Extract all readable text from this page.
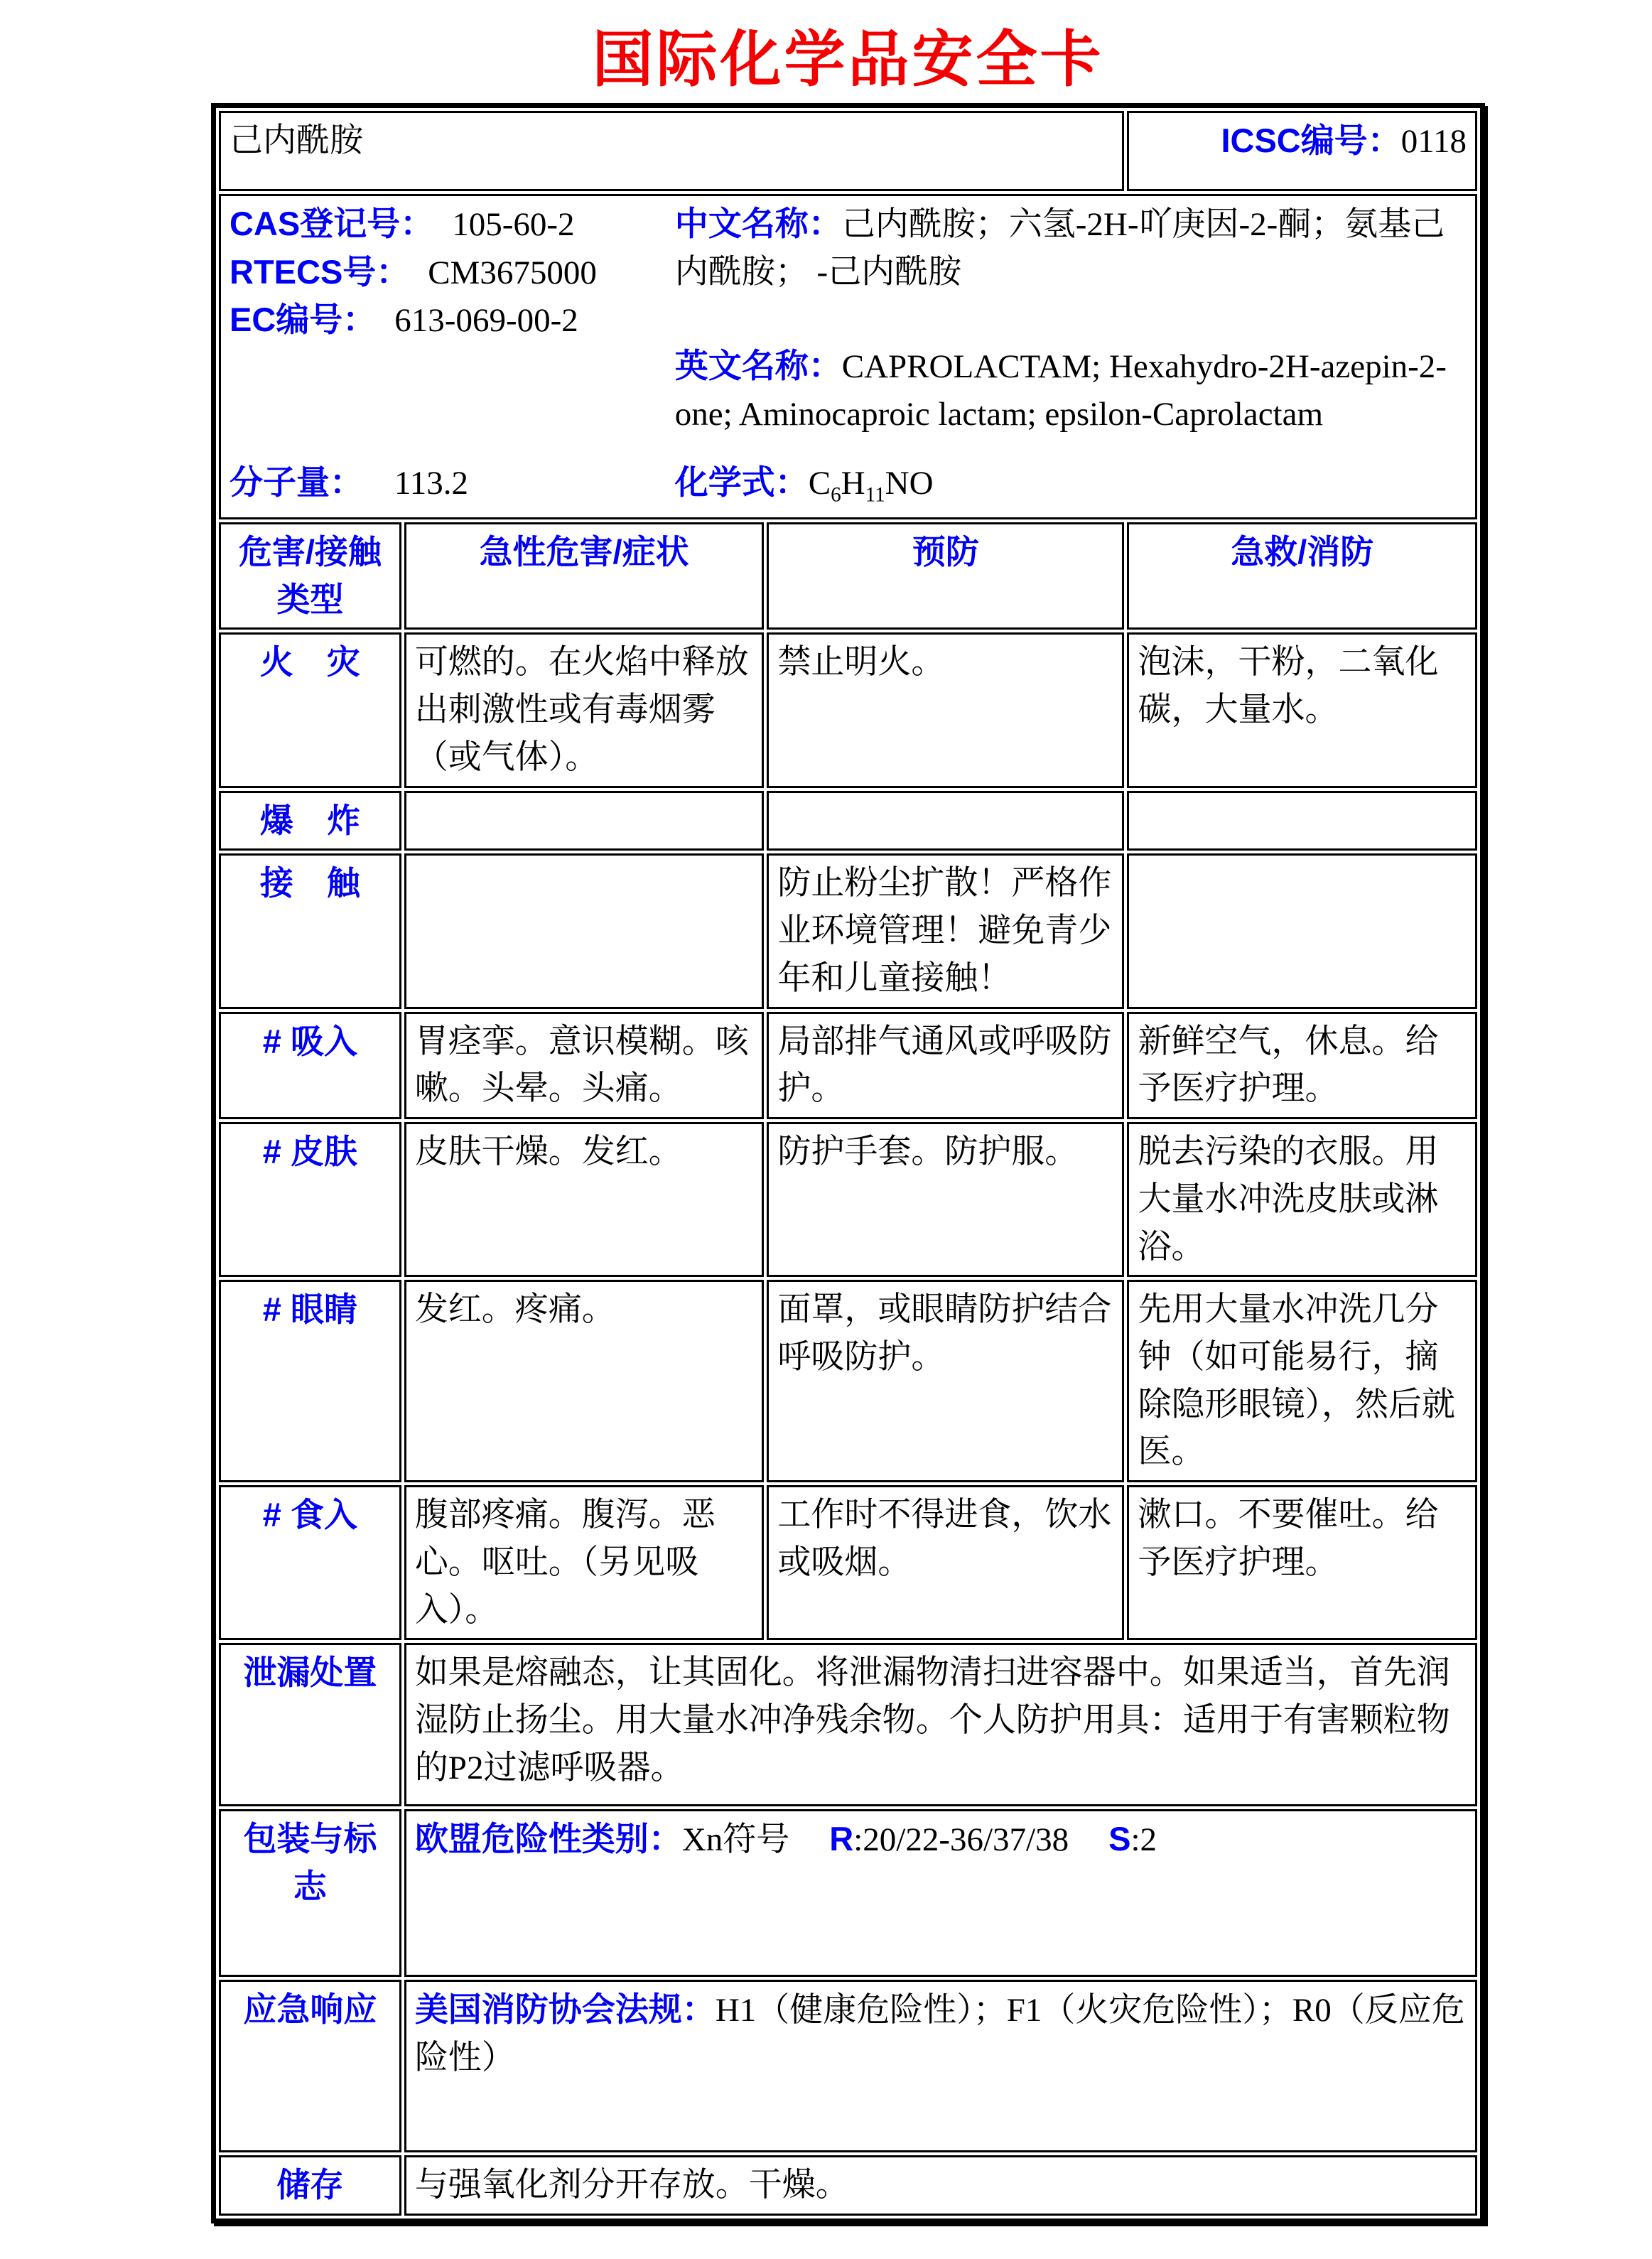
国际化学品安全卡
己内酰胺			ICSC编号：0118

CAS登记号： 105-60-2
RTECS号： CM3675000
EC编号： 613-069-00-2

中文名称：己内酰胺；六氢-2H-吖庚因-2-酮；氨基己内酰胺； -己内酰胺

英文名称：CAPROLACTAM; Hexahydro-2H-azepin-2-one; Aminocaproic lactam; epsilon-Caprolactam

分子量： 113.2	化学式：$C_6H_{11}NO$

危害/接触
类型	急性危害/症状	预防	急救/消防
火　灾	可燃的。在火焰中释放出刺激性或有毒烟雾（或气体）。	禁止明火。	泡沫，干粉，二氧化碳，大量水。
爆　炸			
接　触		防止粉尘扩散！严格作业环境管理！避免青少年和儿童接触！	
# 吸入	胃痉挛。意识模糊。咳嗽。头晕。头痛。	局部排气通风或呼吸防护。	新鲜空气，休息。给予医疗护理。
# 皮肤	皮肤干燥。发红。	防护手套。防护服。	脱去污染的衣服。用大量水冲洗皮肤或淋浴。
# 眼睛	发红。疼痛。	面罩，或眼睛防护结合呼吸防护。	先用大量水冲洗几分钟（如可能易行，摘除隐形眼镜），然后就医。
# 食入	腹部疼痛。腹泻。恶心。呕吐。（另见吸入）。	工作时不得进食，饮水或吸烟。	漱口。不要催吐。给予医疗护理。
泄漏处置	如果是熔融态，让其固化。将泄漏物清扫进容器中。如果适当，首先润湿防止扬尘。用大量水冲净残余物。个人防护用具：适用于有害颗粒物的P2过滤呼吸器。		
包装与标志	欧盟危险性类别：Xn符号 R:20/22-36/37/38 S:2		
应急响应	美国消防协会法规：H1（健康危险性）；F1（火灾危险性）；R0（反应危险性）		
储存	与强氧化剂分开存放。干燥。		
